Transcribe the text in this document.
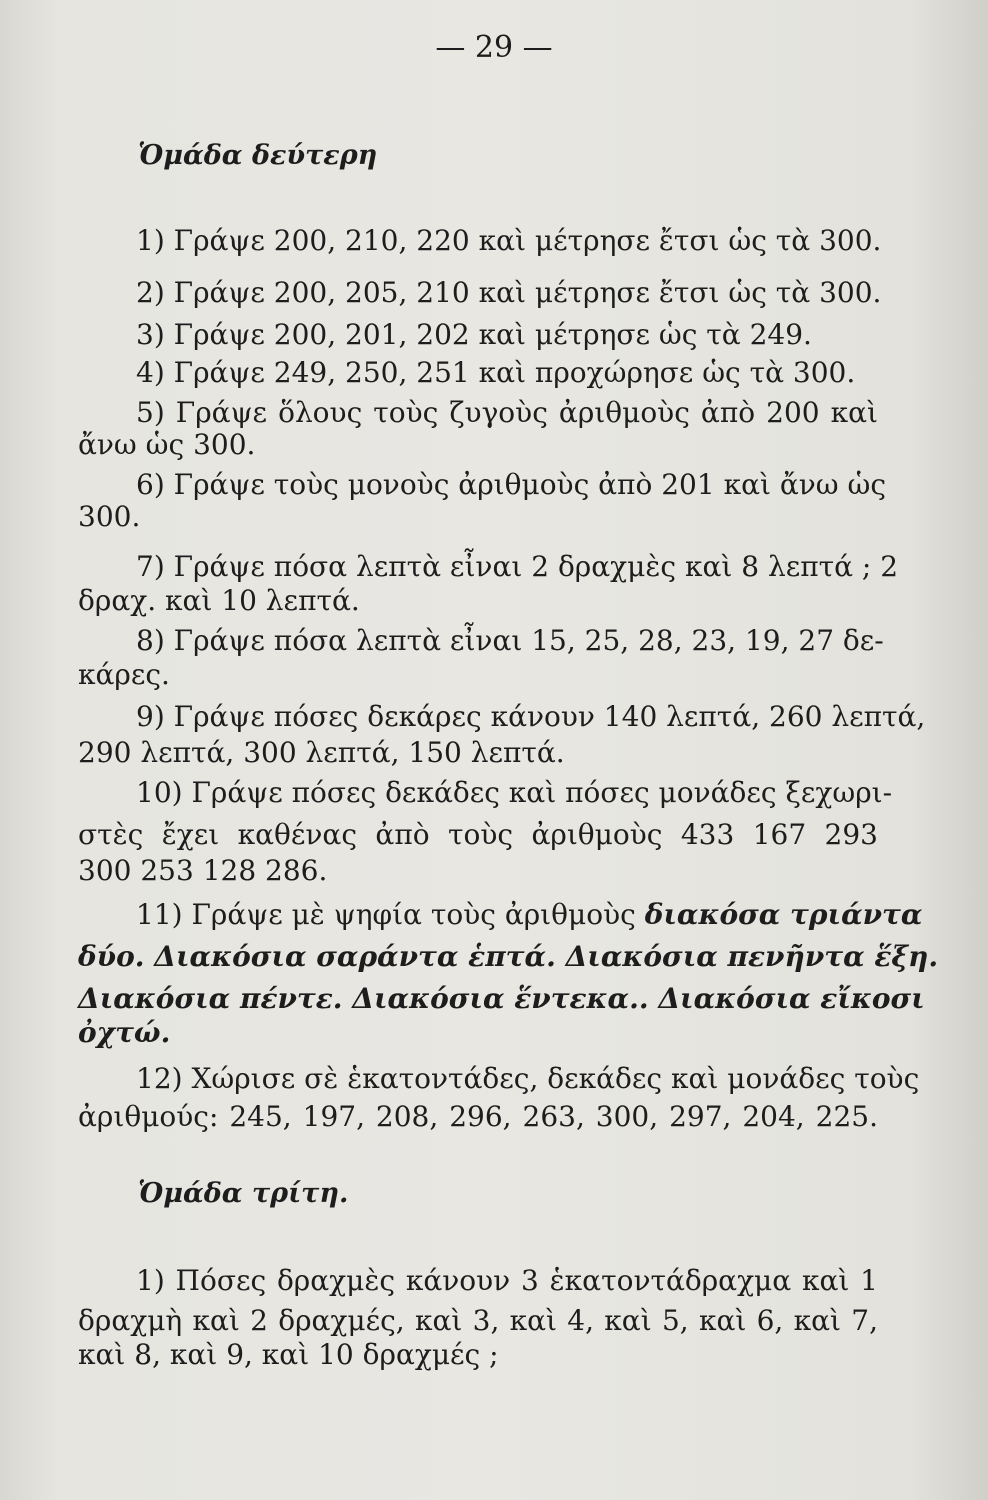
— 29 —
Ὁμάδα δεύτερη
1) Γράψε 200, 210, 220 καὶ μέτρησε ἔτσι ὡς τὰ 300.
2) Γράψε 200, 205, 210 καὶ μέτρησε ἔτσι ὡς τὰ 300.
3) Γράψε 200, 201, 202 καὶ μέτρησε ὡς τὰ 249.
4) Γράψε 249, 250, 251 καὶ προχώρησε ὡς τὰ 300.
5) Γράψε ὅλους τοὺς ζυγοὺς ἀριθμοὺς ἀπὸ 200 καὶ
ἄνω ὡς 300.
6) Γράψε τοὺς μονοὺς ἀριθμοὺς ἀπὸ 201 καὶ ἄνω ὡς
300.
7) Γράψε πόσα λεπτὰ εἶναι 2 δραχμὲς καὶ 8 λεπτά ; 2
δραχ. καὶ 10 λεπτά.
8) Γράψε πόσα λεπτὰ εἶναι 15, 25, 28, 23, 19, 27 δε-
κάρες.
9) Γράψε πόσες δεκάρες κάνουν 140 λεπτά, 260 λεπτά,
290 λεπτά, 300 λεπτά, 150 λεπτά.
10) Γράψε πόσες δεκάδες καὶ πόσες μονάδες ξεχωρι-
στὲς ἔχει καθένας ἀπὸ τοὺς ἀριθμοὺς 433 167 293
300 253 128 286.
11) Γράψε μὲ ψηφία τοὺς ἀριθμοὺς διακόσα τριάντα
δύο. Διακόσια σαράντα ἑπτά. Διακόσια πενῆντα ἕξη.
Διακόσια πέντε. Διακόσια ἕντεκα.. Διακόσια εἴκοσι
ὀχτώ.
12) Χώρισε σὲ ἑκατοντάδες, δεκάδες καὶ μονάδες τοὺς
ἀριθμούς: 245, 197, 208, 296, 263, 300, 297, 204, 225.
Ὁμάδα τρίτη.
1) Πόσες δραχμὲς κάνουν 3 ἑκατοντάδραχμα καὶ 1
δραχμὴ καὶ 2 δραχμές, καὶ 3, καὶ 4, καὶ 5, καὶ 6, καὶ 7,
καὶ 8, καὶ 9, καὶ 10 δραχμές ;
